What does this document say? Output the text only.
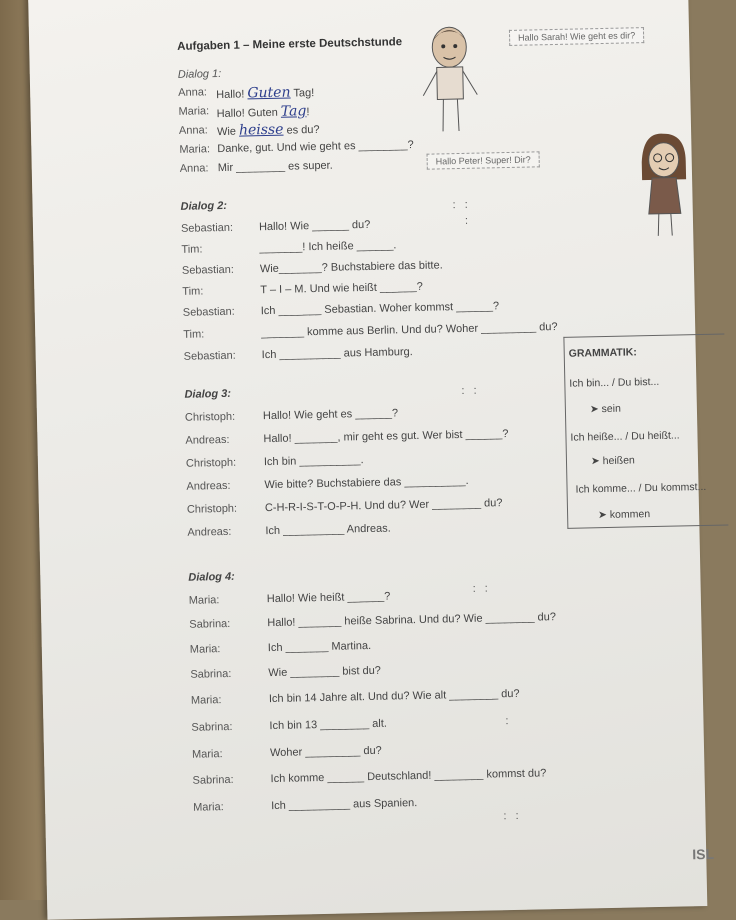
Aufgaben 1 – Meine erste Deutschstunde	Hallo Sarah! Wie geht es dir?
Hallo Peter! Super! Dir?
Dialog 1:
Anna: Hallo! Guten Tag!
Maria: Hallo! Guten Tag!
Anna: Wie heisse es du?
Maria: Danke, gut. Und wie geht es ________?
Anna: Mir ________ es super.
Dialog 2:
Sebastian: Hallo! Wie ______ du?
Tim:	_______! Ich heiße ______.
Sebastian: Wie_______? Buchstabiere das bitte.
Tim:	T – I – M. Und wie heißt ______?
Sebastian: Ich _______ Sebastian. Woher kommst ______?
Tim:	_______ komme aus Berlin. Und du? Woher _________ du?
Sebastian: Ich __________ aus Hamburg.
: :
:
Dialog 3:
Christoph:	Hallo! Wie geht es ______?
Andreas:	Hallo! _______, mir geht es gut. Wer bist ______?
Christoph:	Ich bin __________.
Andreas:	Wie bitte? Buchstabiere das __________.
Christoph:	C-H-R-I-S-T-O-P-H. Und du? Wer ________ du?
Andreas:	Ich __________ Andreas.
: :
GRAMMATIK:
Ich bin... / Du bist...
➤ sein
Ich heiße... / Du heißt...
➤ heißen
Ich komme... / Du kommst...
➤ kommen
Dialog 4:
Maria:	Hallo! Wie heißt ______?
Sabrina:	Hallo! _______ heiße Sabrina. Und du? Wie ________ du?
Maria:	Ich _______ Martina.
Sabrina:	Wie ________ bist du?
Maria:	Ich bin 14 Jahre alt. Und du? Wie alt ________ du?
Sabrina:	Ich bin 13 ________ alt.
Maria:	Woher _________ du?
Sabrina:	Ich komme ______ Deutschland! ________ kommst du?
Maria:	Ich __________ aus Spanien.
: :
:
: :
ISL
